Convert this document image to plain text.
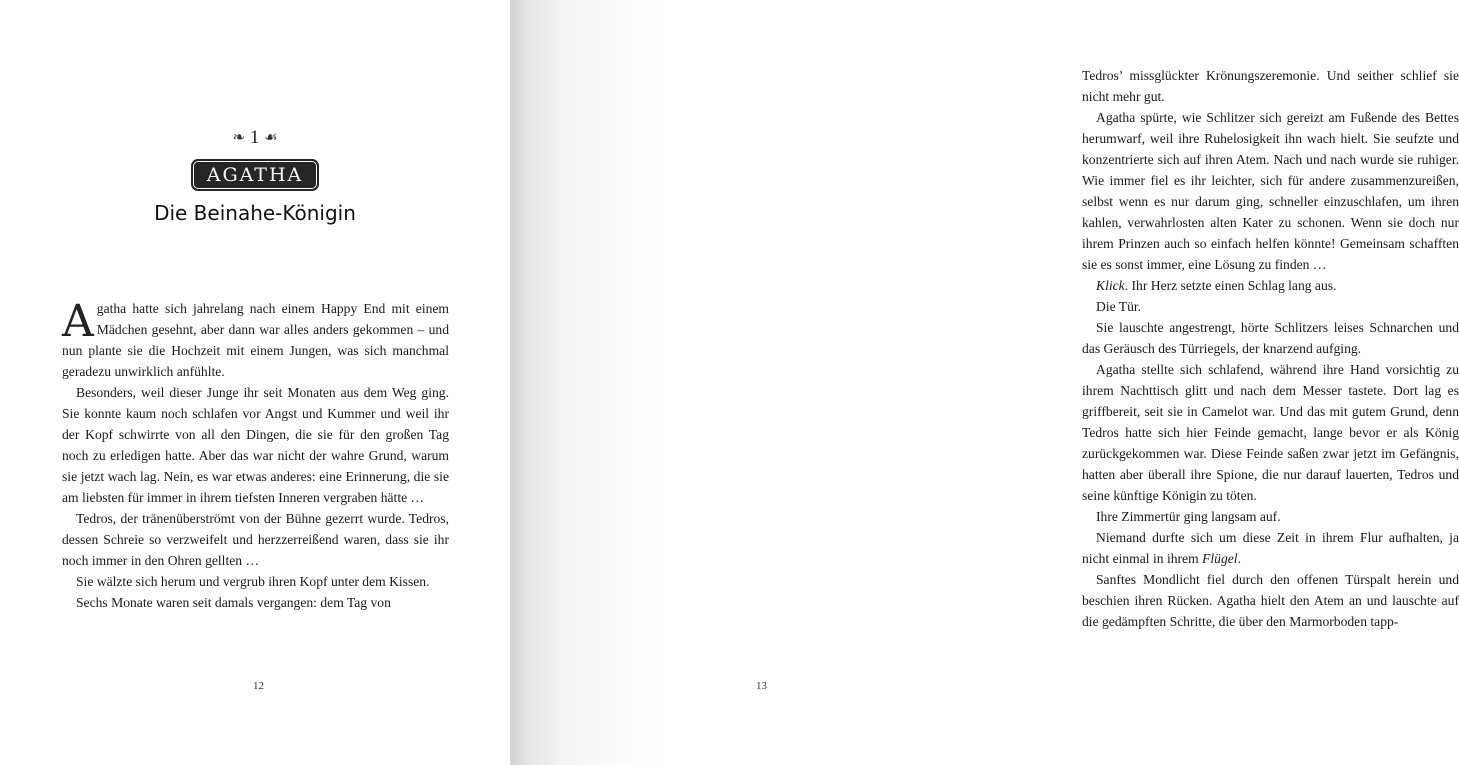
❧ 1 ☙
AGATHA
Die Beinahe-Königin

Agatha hatte sich jahrelang nach einem Happy End mit einem Mädchen gesehnt, aber dann war alles anders gekommen – und nun plante sie die Hochzeit mit einem Jungen, was sich manchmal geradezu unwirklich anfühlte.

Besonders, weil dieser Junge ihr seit Monaten aus dem Weg ging. Sie konnte kaum noch schlafen vor Angst und Kummer und weil ihr der Kopf schwirrte von all den Dingen, die sie für den großen Tag noch zu erledigen hatte. Aber das war nicht der wahre Grund, warum sie jetzt wach lag. Nein, es war etwas anderes: eine Erinnerung, die sie am liebsten für immer in ihrem tiefsten Inneren vergraben hätte …

Tedros, der tränenüberströmt von der Bühne gezerrt wurde. Tedros, dessen Schreie so verzweifelt und herzzerreißend waren, dass sie ihr noch immer in den Ohren gellten …

Sie wälzte sich herum und vergrub ihren Kopf unter dem Kissen.

Sechs Monate waren seit damals vergangen: dem Tag von

12

Tedros’ missglückter Krönungszeremonie. Und seither schlief sie nicht mehr gut.

Agatha spürte, wie Schlitzer sich gereizt am Fußende des Bettes herumwarf, weil ihre Ruhelosigkeit ihn wach hielt. Sie seufzte und konzentrierte sich auf ihren Atem. Nach und nach wurde sie ruhiger. Wie immer fiel es ihr leichter, sich für andere zusammenzureißen, selbst wenn es nur darum ging, schneller einzuschlafen, um ihren kahlen, verwahrlosten alten Kater zu schonen. Wenn sie doch nur ihrem Prinzen auch so einfach helfen könnte! Gemeinsam schafften sie es sonst immer, eine Lösung zu finden …

Klick. Ihr Herz setzte einen Schlag lang aus.

Die Tür.

Sie lauschte angestrengt, hörte Schlitzers leises Schnarchen und das Geräusch des Türriegels, der knarzend aufging.

Agatha stellte sich schlafend, während ihre Hand vorsichtig zu ihrem Nachttisch glitt und nach dem Messer tastete. Dort lag es griffbereit, seit sie in Camelot war. Und das mit gutem Grund, denn Tedros hatte sich hier Feinde gemacht, lange bevor er als König zurückgekommen war. Diese Feinde saßen zwar jetzt im Gefängnis, hatten aber überall ihre Spione, die nur darauf lauerten, Tedros und seine künftige Königin zu töten.

Ihre Zimmertür ging langsam auf.

Niemand durfte sich um diese Zeit in ihrem Flur aufhalten, ja nicht einmal in ihrem Flügel.

Sanftes Mondlicht fiel durch den offenen Türspalt herein und beschien ihren Rücken. Agatha hielt den Atem an und lauschte auf die gedämpften Schritte, die über den Marmorboden tapp-

13
